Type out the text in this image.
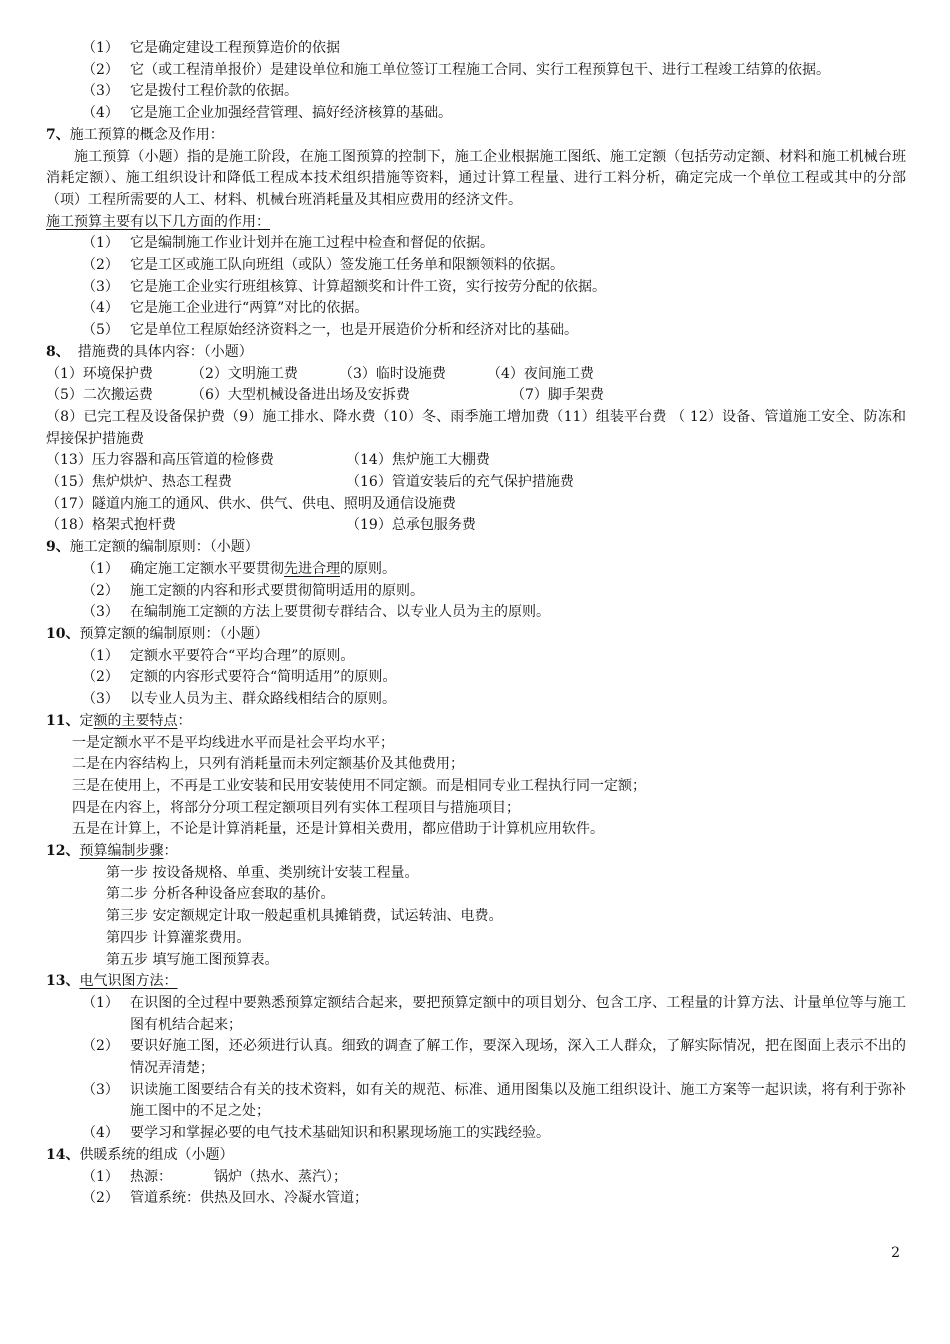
（1） 它是确定建设工程预算造价的依据
（2） 它（或工程清单报价）是建设单位和施工单位签订工程施工合同、实行工程预算包干、进行工程竣工结算的依据。
（3） 它是拨付工程价款的依据。
（4） 它是施工企业加强经营管理、搞好经济核算的基础。
7、施工预算的概念及作用：
施工预算（小题）指的是施工阶段，在施工图预算的控制下，施工企业根据施工图纸、施工定额（包括劳动定额、材料和施工机械台班消耗定额）、施工组织设计和降低工程成本技术组织措施等资料，通过计算工程量、进行工料分析，确定完成一个单位工程或其中的分部（项）工程所需要的人工、材料、机械台班消耗量及其相应费用的经济文件。
施工预算主要有以下几方面的作用：
（1） 它是编制施工作业计划并在施工过程中检查和督促的依据。
（2） 它是工区或施工队向班组（或队）签发施工任务单和限额领料的依据。
（3） 它是施工企业实行班组核算、计算超额奖和计件工资，实行按劳分配的依据。
（4） 它是施工企业进行“两算”对比的依据。
（5） 它是单位工程原始经济资料之一，也是开展造价分析和经济对比的基础。
8、 措施费的具体内容：（小题）
（1）环境保护费	（2）文明施工费	（3）临时设施费	（4）夜间施工费
（5）二次搬运费	（6）大型机械设备进出场及安拆费	（7）脚手架费
（8）已完工程及设备保护费（9）施工排水、降水费（10）冬、雨季施工增加费（11）组装平台费 （ 12）设备、管道施工安全、防冻和焊接保护措施费
（13）压力容器和高压管道的检修费	（14）焦炉施工大棚费
（15）焦炉烘炉、热态工程费	（16）管道安装后的充气保护措施费
（17）隧道内施工的通风、供水、供气、供电、照明及通信设施费
（18）格架式抱杆费	（19）总承包服务费
9、施工定额的编制原则：（小题）
（1） 确定施工定额水平要贯彻先进合理的原则。
（2） 施工定额的内容和形式要贯彻简明适用的原则。
（3） 在编制施工定额的方法上要贯彻专群结合、以专业人员为主的原则。
10、预算定额的编制原则：（小题）
（1） 定额水平要符合“平均合理”的原则。
（2） 定额的内容形式要符合“简明适用”的原则。
（3） 以专业人员为主、群众路线相结合的原则。
11、定额的主要特点：
一是定额水平不是平均线进水平而是社会平均水平；
二是在内容结构上，只列有消耗量而未列定额基价及其他费用；
三是在使用上，不再是工业安装和民用安装使用不同定额。而是相同专业工程执行同一定额；
四是在内容上，将部分分项工程定额项目列有实体工程项目与措施项目；
五是在计算上，不论是计算消耗量，还是计算相关费用，都应借助于计算机应用软件。
12、预算编制步骤：
第一步 按设备规格、单重、类别统计安装工程量。
第二步 分析各种设备应套取的基价。
第三步 安定额规定计取一般起重机具摊销费，试运转油、电费。
第四步 计算灌浆费用。
第五步 填写施工图预算表。
13、电气识图方法：
（1） 在识图的全过程中要熟悉预算定额结合起来，要把预算定额中的项目划分、包含工序、工程量的计算方法、计量单位等与施工图有机结合起来；
（2） 要识好施工图，还必须进行认真。细致的调查了解工作，要深入现场，深入工人群众，了解实际情况，把在图面上表示不出的情况弄清楚；
（3） 识读施工图要结合有关的技术资料，如有关的规范、标准、通用图集以及施工组织设计、施工方案等一起识读，将有利于弥补施工图中的不足之处；
（4） 要学习和掌握必要的电气技术基础知识和积累现场施工的实践经验。
14、供暖系统的组成（小题）
（1） 热源：	锅炉（热水、蒸汽）；
（2） 管道系统：供热及回水、冷凝水管道；
2
